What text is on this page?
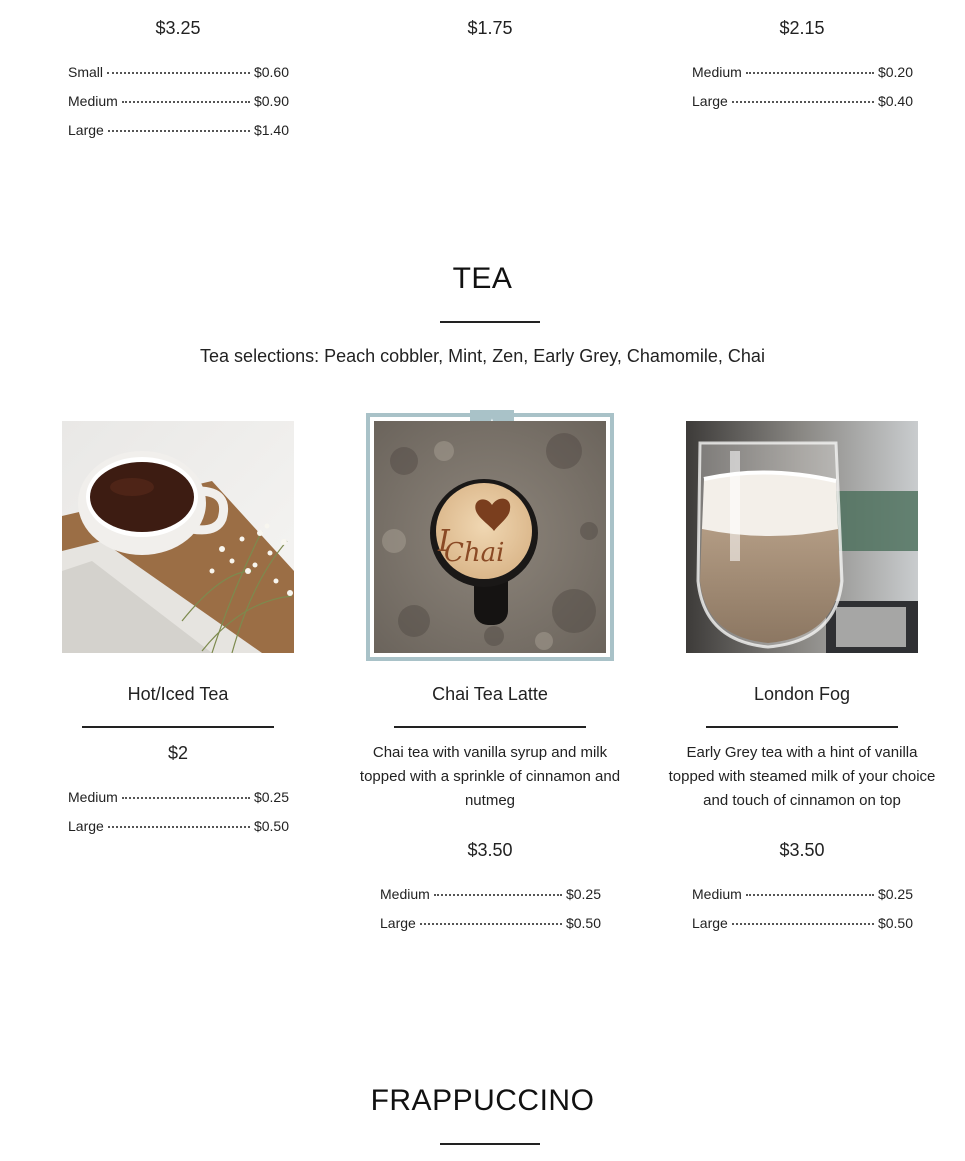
$3.25	$1.75	$2.15
Small	$0.60
Medium	$0.90
Large	$1.40
Medium	$0.20
Large	$0.40
TEA
Tea selections: Peach cobbler, Mint, Zen, Early Grey, Chamomile, Chai
Hot/Iced Tea
$2
Medium	$0.25
Large	$0.50
I
Chai
Chai Tea Latte
Chai tea with vanilla syrup and milk topped with a sprinkle of cinnamon and nutmeg
$3.50
Medium	$0.25
Large	$0.50
London Fog
Early Grey tea with a hint of vanilla topped with steamed milk of your choice and touch of cinnamon on top
$3.50
Medium	$0.25
Large	$0.50
FRAPPUCCINO
